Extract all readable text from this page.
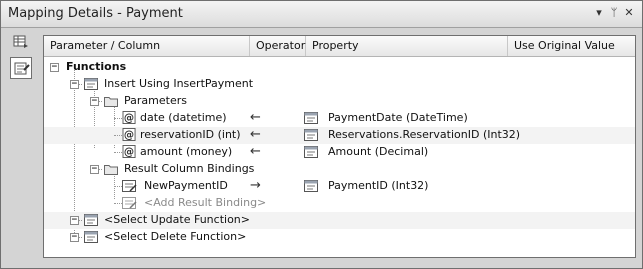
Mapping Details - Payment	▾ ᛘ ✕
Parameter / Column	Operator Property	Use Original Value
− Functions
− Insert Using InsertPayment
− Parameters
@ date (datetime) ←	PaymentDate (DateTime)
@ reservationID (int) ←	Reservations.ReservationID (Int32)
@ amount (money) ←	Amount (Decimal)
− Result Column Bindings
NewPaymentID →	PaymentID (Int32)
<Add Result Binding>
− <Select Update Function>
− <Select Delete Function>
